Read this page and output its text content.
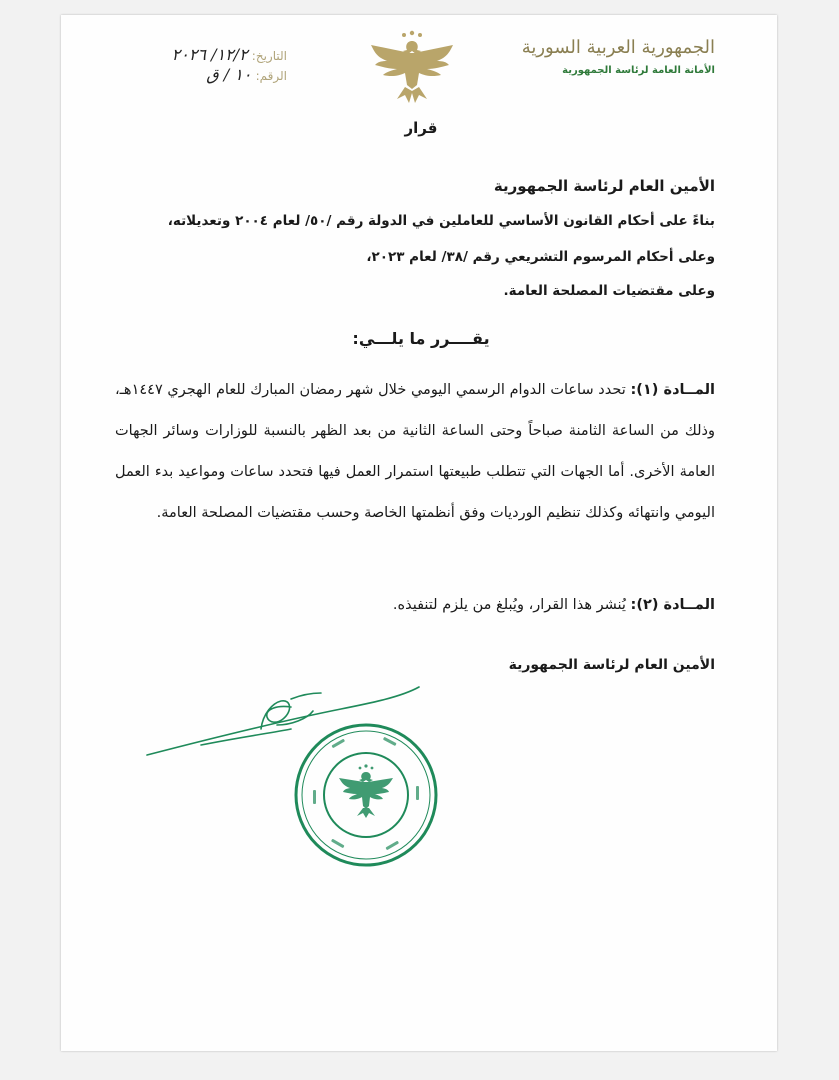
الجمهورية العربية السورية
الأمانة العامة لرئاسة الجمهورية
التاريخ: ١٢/٢/ ٢٠٢٦
الرقم: ١٠ / ق
قرار
الأمين العام لرئاسة الجمهورية
بناءً على أحكام القانون الأساسي للعاملين في الدولة رقم /٥٠/ لعام ٢٠٠٤ وتعديلاته،
وعلى أحكام المرسوم التشريعي رقم /٣٨/ لعام ٢٠٢٣،
وعلى مقتضيات المصلحة العامة.
يقــــرر ما يلـــي:
المــادة (١): تحدد ساعات الدوام الرسمي اليومي خلال شهر رمضان المبارك للعام الهجري ١٤٤٧هـ، وذلك من الساعة الثامنة صباحاً وحتى الساعة الثانية من بعد الظهر بالنسبة للوزارات وسائر الجهات العامة الأخرى. أما الجهات التي تتطلب طبيعتها استمرار العمل فيها فتحدد ساعات ومواعيد بدء العمل اليومي وانتهائه وكذلك تنظيم الورديات وفق أنظمتها الخاصة وحسب مقتضيات المصلحة العامة.
المــادة (٢): يُنشر هذا القرار، ويُبلغ من يلزم لتنفيذه.
الأمين العام لرئاسة الجمهورية
